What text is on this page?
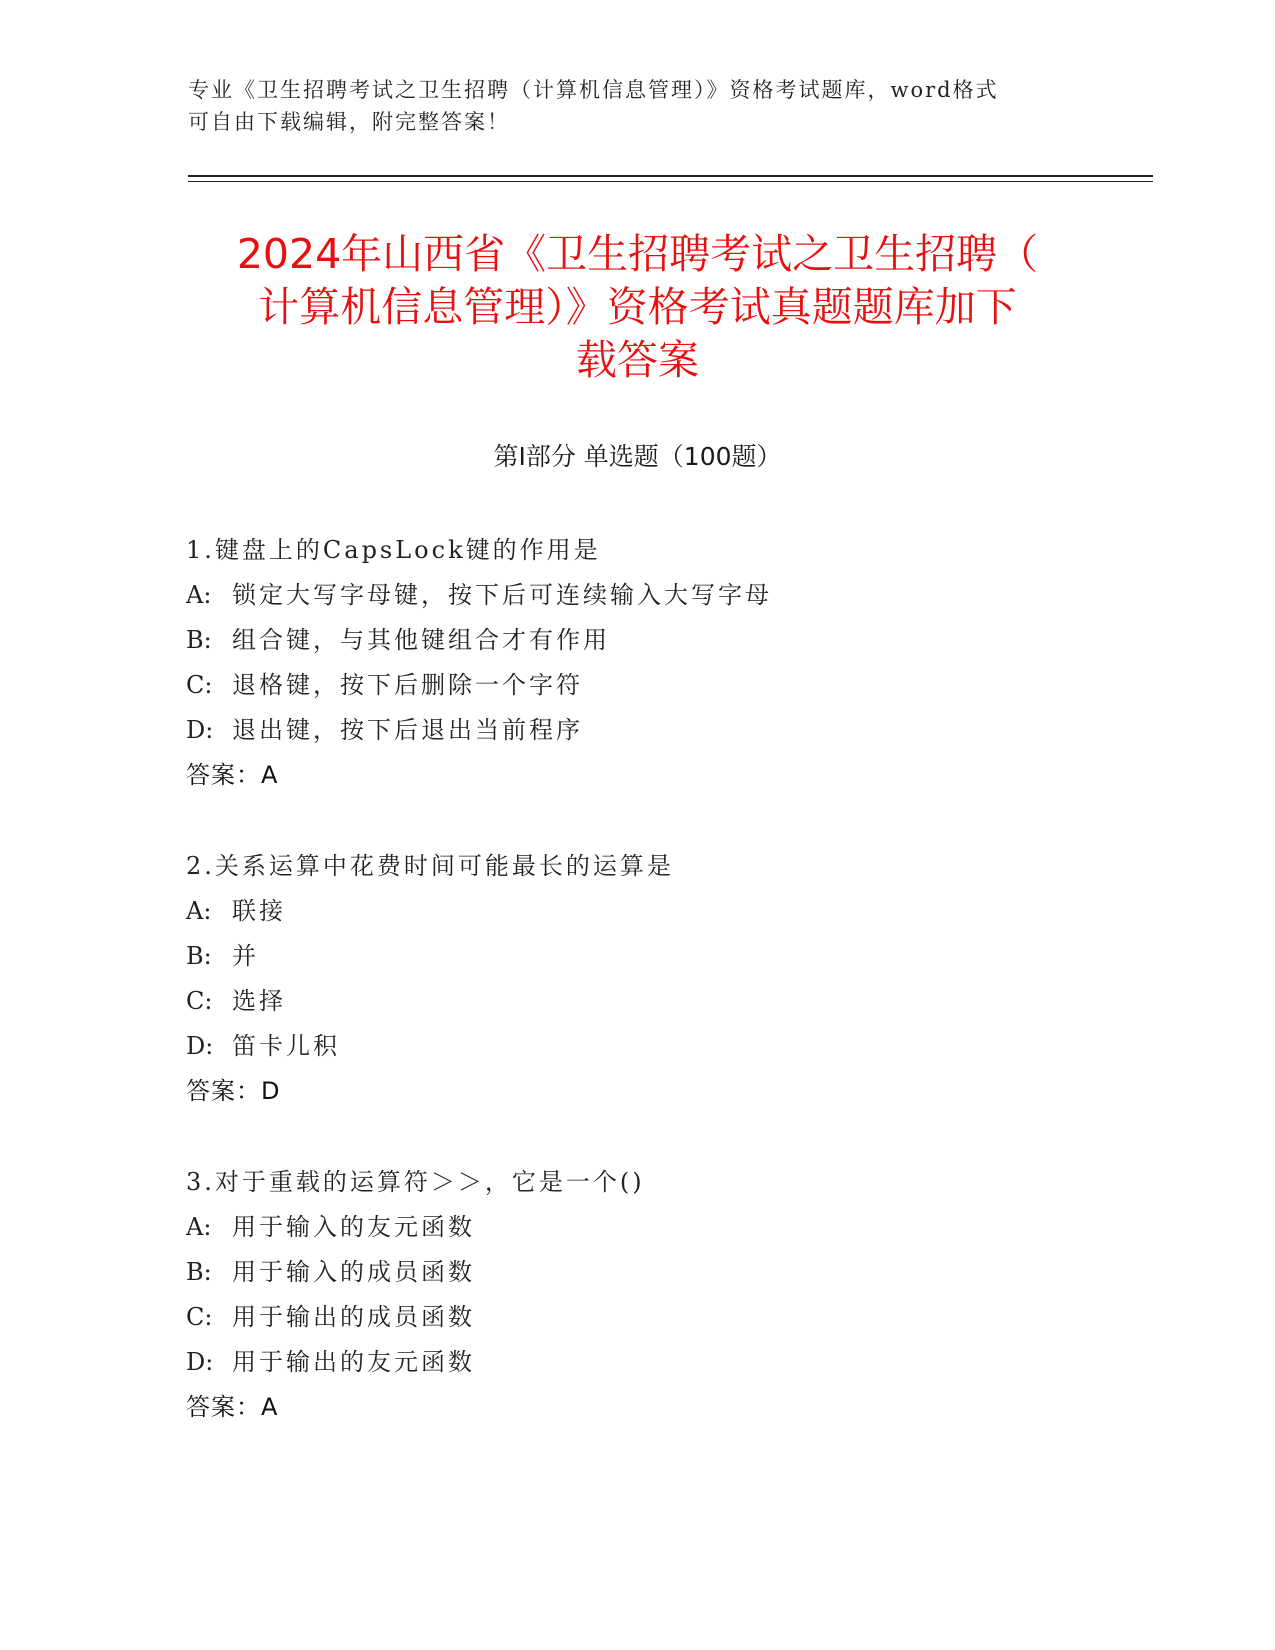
专业《卫生招聘考试之卫生招聘（计算机信息管理）》资格考试题库，word格式
可自由下载编辑，附完整答案！
2024年山西省《卫生招聘考试之卫生招聘（
计算机信息管理）》资格考试真题题库加下
载答案
第Ⅰ部分 单选题（100题）
1.键盘上的CapsLock键的作用是
A: 锁定大写字母键，按下后可连续输入大写字母
B: 组合键，与其他键组合才有作用
C: 退格键，按下后删除一个字符
D: 退出键，按下后退出当前程序
答案：A
2.关系运算中花费时间可能最长的运算是
A: 联接
B: 并
C: 选择
D: 笛卡儿积
答案：D
3.对于重载的运算符＞＞，它是一个()
A: 用于输入的友元函数
B: 用于输入的成员函数
C: 用于输出的成员函数
D: 用于输出的友元函数
答案：A
